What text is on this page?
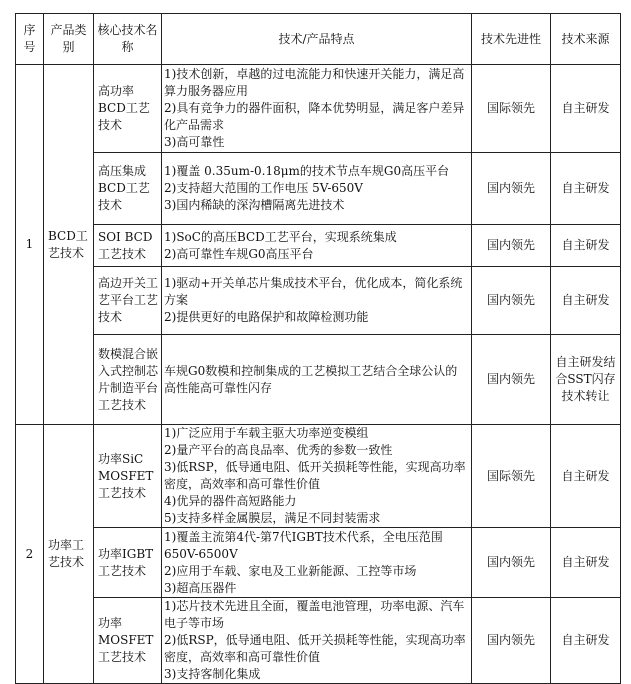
序号	产品类别	核心技术名称	技术/产品特点	技术先进性	技术来源
1	BCD工艺技术	高功率BCD工艺技术	1)技术创新，卓越的过电流能力和快速开关能力，满足高算力服务器应用
2)具有竞争力的器件面积，降本优势明显，满足客户差异化产品需求
3)高可靠性	国际领先	自主研发
		高压集成BCD工艺技术	1)覆盖 0.35um-0.18μm的技术节点车规G0高压平台
2)支持超大范围的工作电压 5V-650V
3)国内稀缺的深沟槽隔离先进技术	国内领先	自主研发
		SOI BCD工艺技术	1)SoC的高压BCD工艺平台，实现系统集成
2)高可靠性车规G0高压平台	国内领先	自主研发
		高边开关工艺平台工艺技术	1)驱动+开关单芯片集成技术平台，优化成本，简化系统方案
2)提供更好的电路保护和故障检测功能	国内领先	自主研发
		数模混合嵌入式控制芯片制造平台工艺技术	车规G0数模和控制集成的工艺模拟工艺结合全球公认的高性能高可靠性闪存	国内领先	自主研发结合SST闪存技术转让
2	功率工艺技术	功率SiC MOSFET工艺技术	1)广泛应用于车载主驱大功率逆变模组
2)量产平台的高良品率、优秀的参数一致性
3)低RSP，低导通电阻、低开关损耗等性能，实现高功率密度，高效率和高可靠性价值
4)优异的器件高短路能力
5)支持多样金属膜层，满足不同封装需求	国际领先	自主研发
		功率IGBT工艺技术	1)覆盖主流第4代-第7代IGBT技术代系，全电压范围650V-6500V
2)应用于车载、家电及工业新能源、工控等市场
3)超高压器件	国内领先	自主研发
		功率MOSFET工艺技术	1)芯片技术先进且全面，覆盖电池管理，功率电源、汽车电子等市场
2)低RSP，低导通电阻、低开关损耗等性能，实现高功率密度，高效率和高可靠性价值
3)支持客制化集成	国内领先	自主研发
